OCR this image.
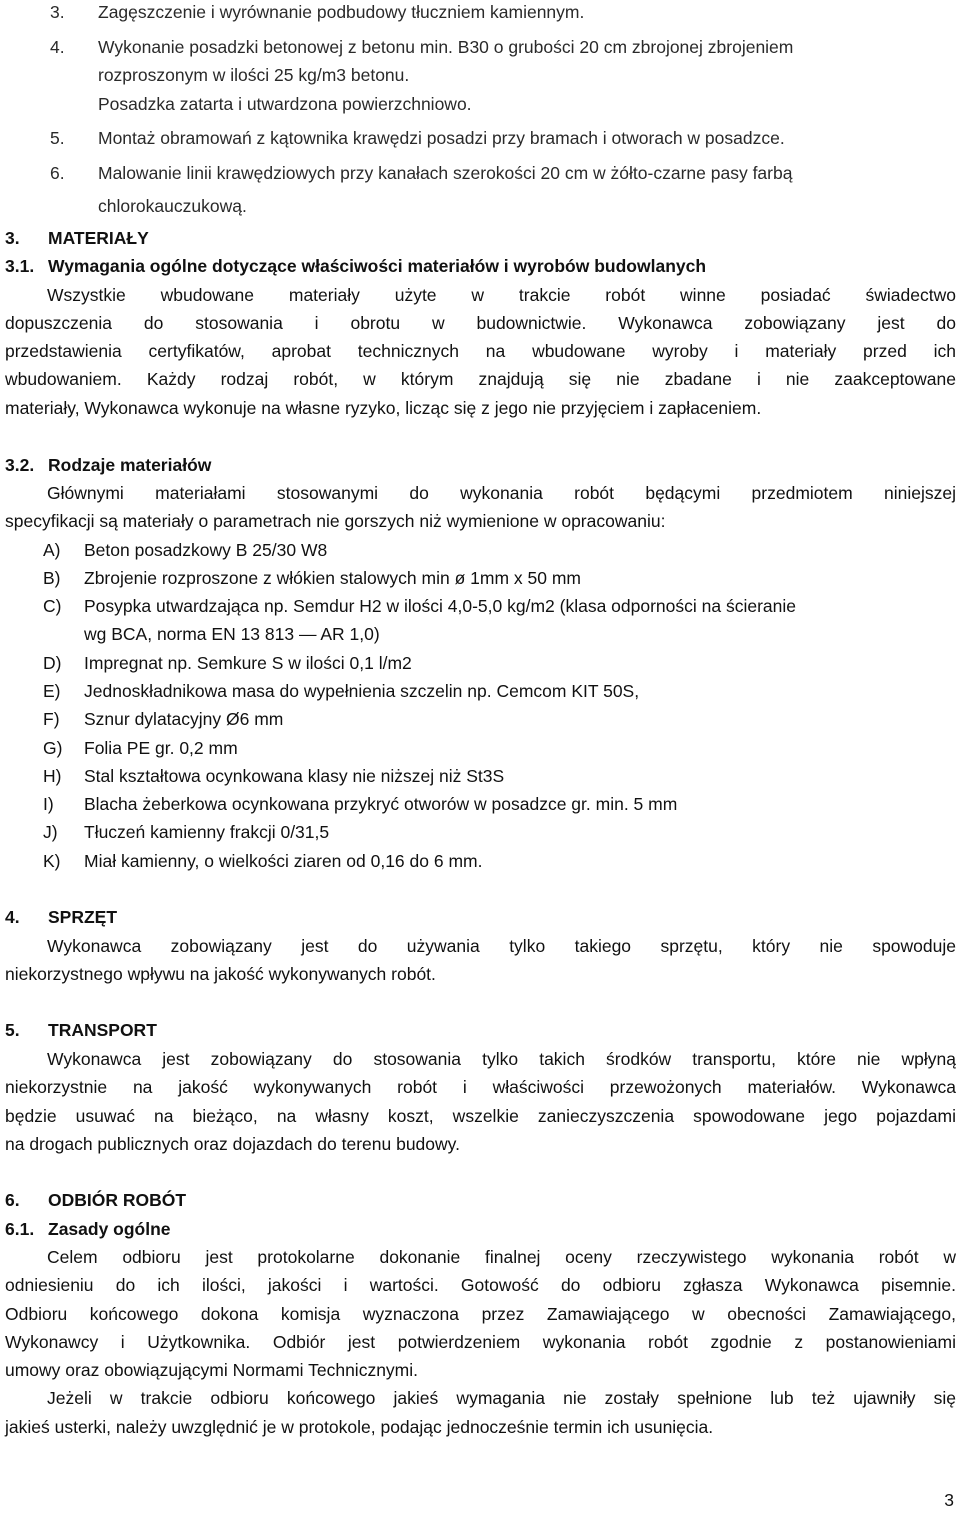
3. Zagęszczenie i wyrównanie podbudowy tłuczniem kamiennym.
4. Wykonanie posadzki betonowej z betonu min. B30 o grubości 20 cm zbrojonej zbrojeniem
rozproszonym w ilości 25 kg/m3 betonu.
Posadzka zatarta i utwardzona powierzchniowo.
5. Montaż obramowań z kątownika krawędzi posadzi przy bramach i otworach w posadzce.
6. Malowanie linii krawędziowych przy kanałach szerokości 20 cm w żółto-czarne pasy farbą
chlorokauczukową.
3. MATERIAŁY
3.1. Wymagania ogólne dotyczące właściwości materiałów i wyrobów budowlanych
Wszystkie wbudowane materiały użyte w trakcie robót winne posiadać świadectwo
dopuszczenia do stosowania i obrotu w budownictwie. Wykonawca zobowiązany jest do
przedstawienia certyfikatów, aprobat technicznych na wbudowane wyroby i materiały przed ich
wbudowaniem. Każdy rodzaj robót, w którym znajdują się nie zbadane i nie zaakceptowane
materiały, Wykonawca wykonuje na własne ryzyko, licząc się z jego nie przyjęciem i zapłaceniem.
3.2. Rodzaje materiałów
Głównymi materiałami stosowanymi do wykonania robót będącymi przedmiotem niniejszej
specyfikacji są materiały o parametrach nie gorszych niż wymienione w opracowaniu:
A) Beton posadzkowy B 25/30 W8
B) Zbrojenie rozproszone z włókien stalowych min ø 1mm x 50 mm
C) Posypka utwardzająca np. Semdur H2 w ilości 4,0-5,0 kg/m2 (klasa odporności na ścieranie
wg BCA, norma EN 13 813 — AR 1,0)
D) Impregnat np. Semkure S w ilości 0,1 l/m2
E) Jednoskładnikowa masa do wypełnienia szczelin np. Cemcom KIT 50S,
F) Sznur dylatacyjny Ø6 mm
G) Folia PE gr. 0,2 mm
H) Stal kształtowa ocynkowana klasy nie niższej niż St3S
I) Blacha żeberkowa ocynkowana przykryć otworów w posadzce gr. min. 5 mm
J) Tłuczeń kamienny frakcji 0/31,5
K) Miał kamienny, o wielkości ziaren od 0,16 do 6 mm.
4. SPRZĘT
Wykonawca zobowiązany jest do używania tylko takiego sprzętu, który nie spowoduje
niekorzystnego wpływu na jakość wykonywanych robót.
5. TRANSPORT
Wykonawca jest zobowiązany do stosowania tylko takich środków transportu, które nie wpłyną
niekorzystnie na jakość wykonywanych robót i właściwości przewożonych materiałów. Wykonawca
będzie usuwać na bieżąco, na własny koszt, wszelkie zanieczyszczenia spowodowane jego pojazdami
na drogach publicznych oraz dojazdach do terenu budowy.
6. ODBIÓR ROBÓT
6.1. Zasady ogólne
Celem odbioru jest protokolarne dokonanie finalnej oceny rzeczywistego wykonania robót w
odniesieniu do ich ilości, jakości i wartości. Gotowość do odbioru zgłasza Wykonawca pisemnie.
Odbioru końcowego dokona komisja wyznaczona przez Zamawiającego w obecności Zamawiającego,
Wykonawcy i Użytkownika. Odbiór jest potwierdzeniem wykonania robót zgodnie z postanowieniami
umowy oraz obowiązującymi Normami Technicznymi.
Jeżeli w trakcie odbioru końcowego jakieś wymagania nie zostały spełnione lub też ujawniły się
jakieś usterki, należy uwzględnić je w protokole, podając jednocześnie termin ich usunięcia.
3
